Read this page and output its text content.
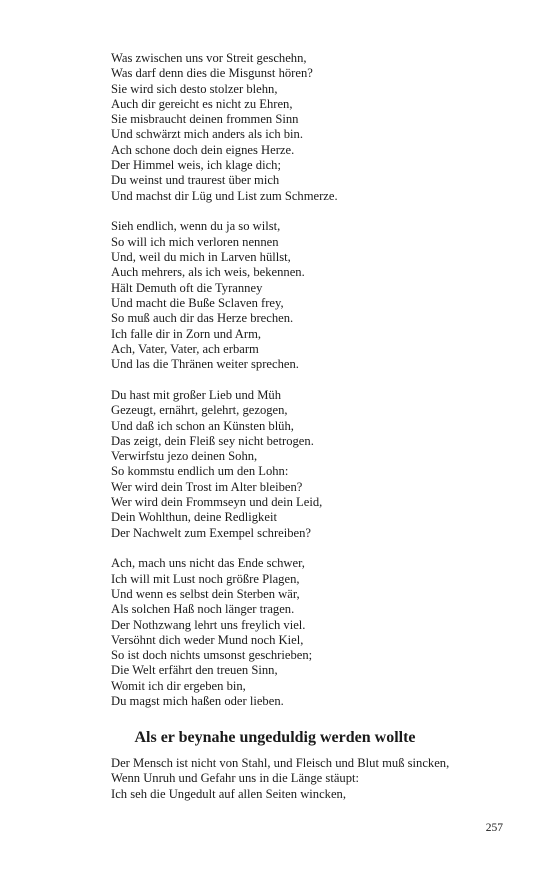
Was zwischen uns vor Streit geschehn,
Was darf denn dies die Misgunst hören?
Sie wird sich desto stolzer blehn,
Auch dir gereicht es nicht zu Ehren,
Sie misbraucht deinen frommen Sinn
Und schwärzt mich anders als ich bin.
Ach schone doch dein eignes Herze.
Der Himmel weis, ich klage dich;
Du weinst und traurest über mich
Und machst dir Lüg und List zum Schmerze.
Sieh endlich, wenn du ja so wilst,
So will ich mich verloren nennen
Und, weil du mich in Larven hüllst,
Auch mehrers, als ich weis, bekennen.
Hält Demuth oft die Tyranney
Und macht die Buße Sclaven frey,
So muß auch dir das Herze brechen.
Ich falle dir in Zorn und Arm,
Ach, Vater, Vater, ach erbarm
Und las die Thränen weiter sprechen.
Du hast mit großer Lieb und Müh
Gezeugt, ernährt, gelehrt, gezogen,
Und daß ich schon an Künsten blüh,
Das zeigt, dein Fleiß sey nicht betrogen.
Verwirfstu jezo deinen Sohn,
So kommstu endlich um den Lohn:
Wer wird dein Trost im Alter bleiben?
Wer wird dein Frommseyn und dein Leid,
Dein Wohlthun, deine Redligkeit
Der Nachwelt zum Exempel schreiben?
Ach, mach uns nicht das Ende schwer,
Ich will mit Lust noch größre Plagen,
Und wenn es selbst dein Sterben wär,
Als solchen Haß noch länger tragen.
Der Nothzwang lehrt uns freylich viel.
Versöhnt dich weder Mund noch Kiel,
So ist doch nichts umsonst geschrieben;
Die Welt erfährt den treuen Sinn,
Womit ich dir ergeben bin,
Du magst mich haßen oder lieben.
Als er beynahe ungeduldig werden wollte
Der Mensch ist nicht von Stahl, und Fleisch und Blut muß sincken,
Wenn Unruh und Gefahr uns in die Länge stäupt:
Ich seh die Ungedult auf allen Seiten wincken,
257
